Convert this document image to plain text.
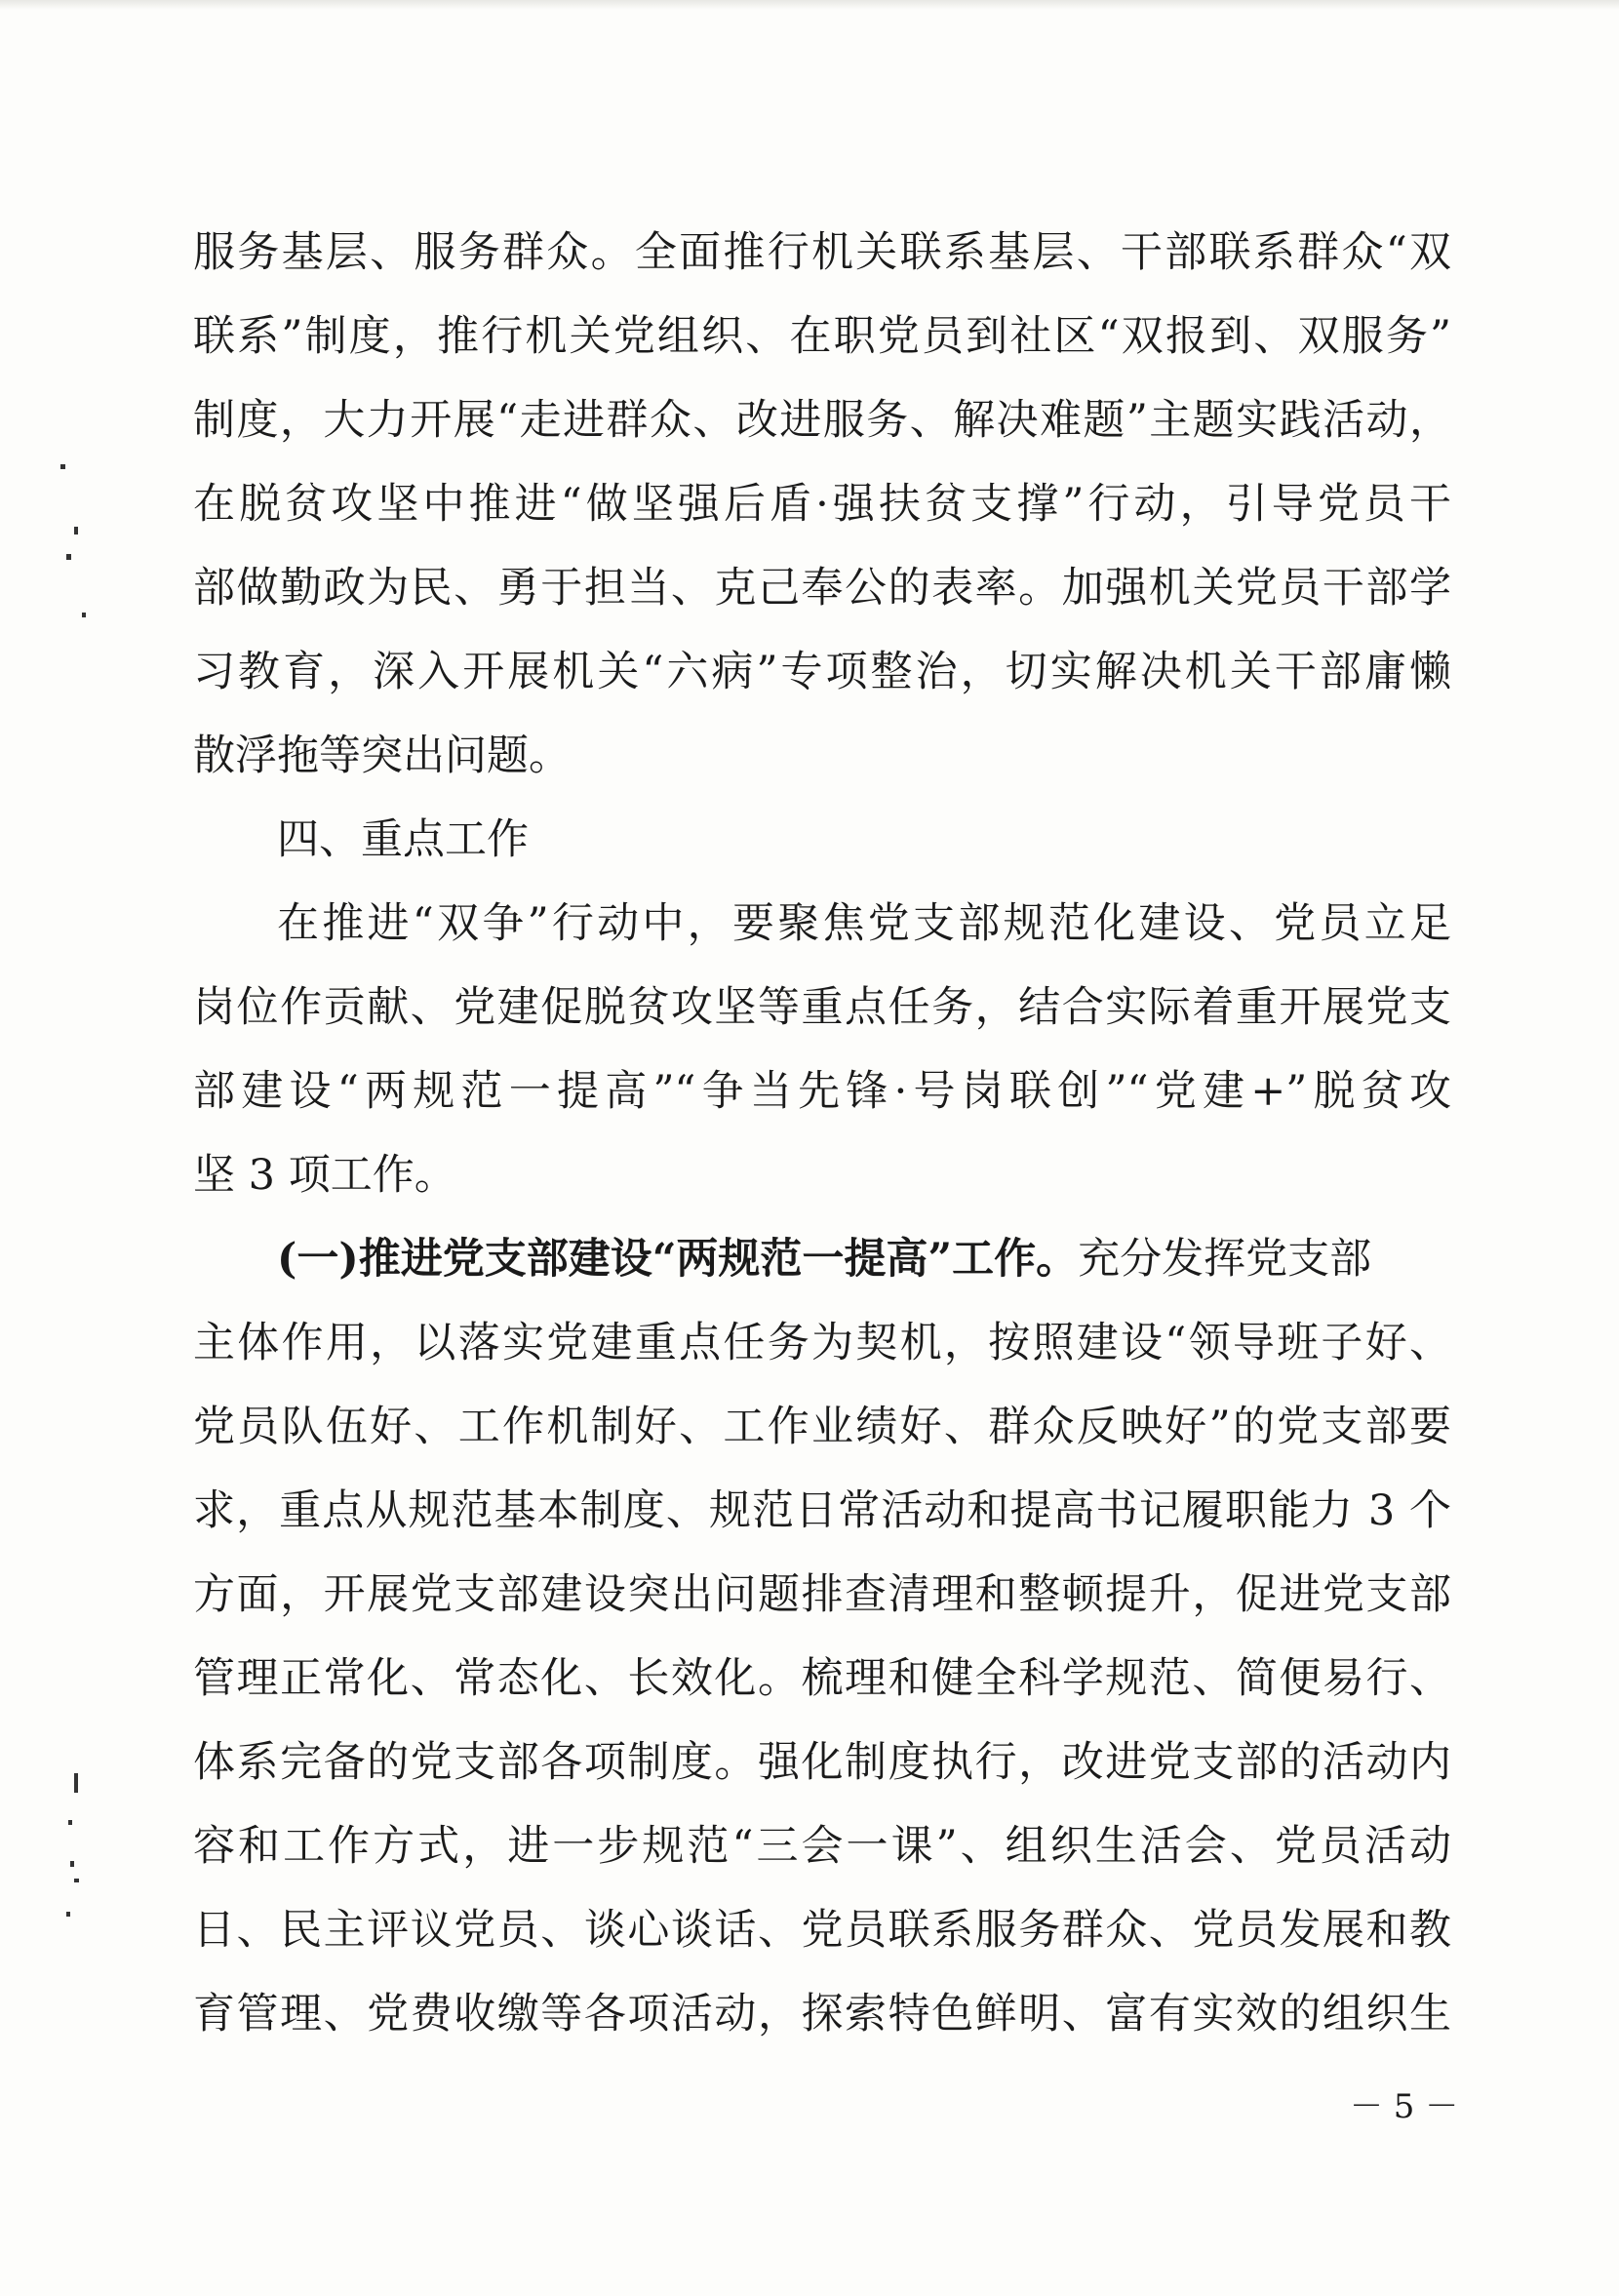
服务基层、服务群众。全面推行机关联系基层、干部联系群众“双
联系”制度，推行机关党组织、在职党员到社区“双报到、双服务”
制度，大力开展“走进群众、改进服务、解决难题”主题实践活动，
在脱贫攻坚中推进“做坚强后盾·强扶贫支撑”行动，引导党员干
部做勤政为民、勇于担当、克己奉公的表率。加强机关党员干部学
习教育，深入开展机关“六病”专项整治，切实解决机关干部庸懒
散浮拖等突出问题。
四、重点工作
在推进“双争”行动中，要聚焦党支部规范化建设、党员立足
岗位作贡献、党建促脱贫攻坚等重点任务，结合实际着重开展党支
部建设“两规范一提高”“争当先锋·号岗联创”“党建+”脱贫攻
坚 3 项工作。
(一)推进党支部建设“两规范一提高”工作。充分发挥党支部
主体作用，以落实党建重点任务为契机，按照建设“领导班子好、
党员队伍好、工作机制好、工作业绩好、群众反映好”的党支部要
求，重点从规范基本制度、规范日常活动和提高书记履职能力 3 个
方面，开展党支部建设突出问题排查清理和整顿提升，促进党支部
管理正常化、常态化、长效化。梳理和健全科学规范、简便易行、
体系完备的党支部各项制度。强化制度执行，改进党支部的活动内
容和工作方式，进一步规范“三会一课”、组织生活会、党员活动
日、民主评议党员、谈心谈话、党员联系服务群众、党员发展和教
育管理、党费收缴等各项活动，探索特色鲜明、富有实效的组织生
－ 5 －
